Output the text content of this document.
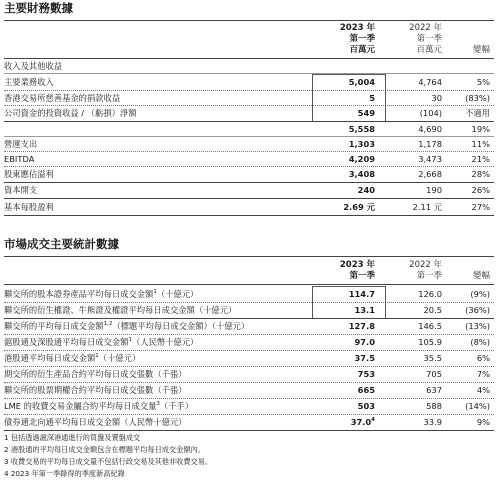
主要財務數據
2023 年
第一季
百萬元
2022 年
第一季
百萬元	變幅
收入及其他收益
主要業務收入	5,004	4,764	5%
香港交易所慈善基金的捐款收益	5	30	(83%)
公司資金的投資收益 / （虧損）淨額	549	(104)	不適用
5,558	4,690	19%
營運支出	1,303	1,178	11%
EBITDA	4,209	3,473	21%
股東應佔溢利	3,408	2,668	28%
資本開支	240	190	26%
基本每股盈利	2.69 元	2.11 元	27%
市場成交主要統計數據
2023 年
第一季
2022 年
第一季	變幅
聯交所的股本證券產品平均每日成交金額$^1$（十億元）	114.7	126.0	(9%)
聯交所的衍生權證、牛熊證及權證平均每日成交金額（十億元）	13.1	20.5	(36%)
聯交所的平均每日成交金額$^{1,2}$（標題平均每日成交金額）（十億元）	127.8	146.5	(13%)
滬股通及深股通平均每日成交金額$^1$（人民幣十億元）	97.0	105.9	(8%)
港股通平均每日成交金額$^1$（十億元）	37.5	35.5	6%
期交所的衍生產品合約平均每日成交張數（千張）	753	705	7%
聯交所的股票期權合約平均每日成交張數（千張）	665	637	4%
LME 的收費交易金屬合約平均每日成交量$^3$（千手）	503	588	(14%)
債券通北向通平均每日成交金額（人民幣十億元）	37.0$^4$	33.9	9%
1 包括透過滬深港通進行的買盤及賣盤成交
2 港股通的平均每日成交金額包含在標題平均每日成交金額內。
3 收費交易的平均每日成交量不包括行政交易及其他非收費交易。
4 2023 年第一季錄得的季度新高紀錄
